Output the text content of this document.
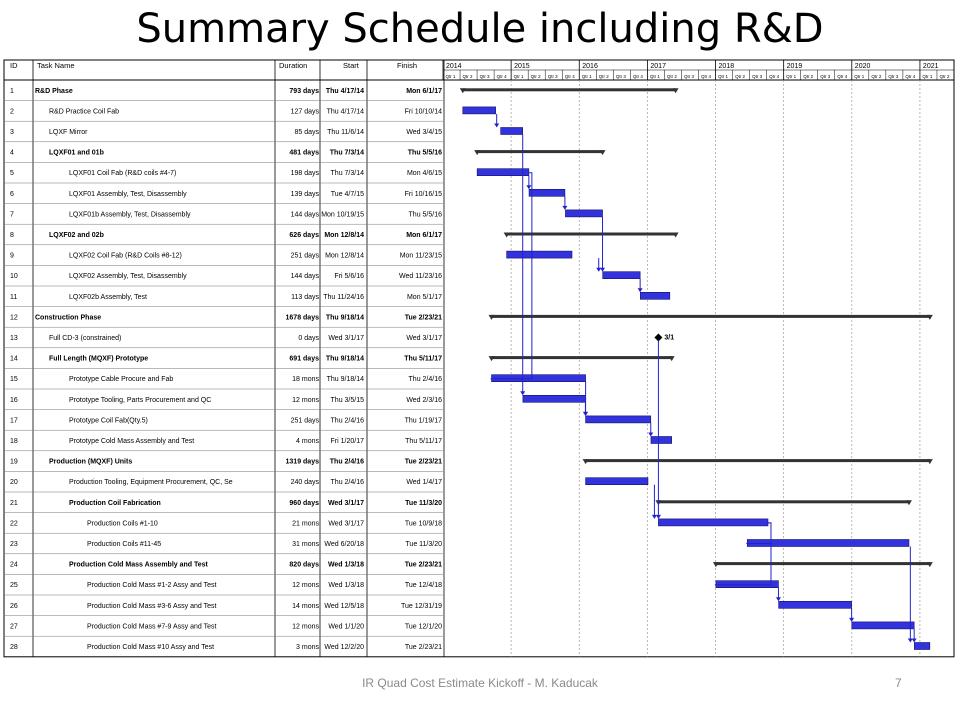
Summary Schedule including R&D
ID	Task Name	Duration	Start	Finish	2014
Qtr 1 Qtr 2 Qtr 3 Qtr 4
2015
Qtr 1 Qtr 2 Qtr 3 Qtr 4
2016
Qtr 1 Qtr 2 Qtr 3 Qtr 4
2017
Qtr 1 Qtr 2 Qtr 3 Qtr 4
2018
Qtr 1 Qtr 2 Qtr 3 Qtr 4
2019
Qtr 1 Qtr 2 Qtr 3 Qtr 4
2020
Qtr 1 Qtr 2 Qtr 3 Qtr 4
2021
Qtr 1 Qtr 2
1	R&D Phase	793 days Thu 4/17/14	Mon 6/1/17
2	R&D Practice Coil Fab	127 days Thu 4/17/14	Fri 10/10/14
3	LQXF Mirror	85 days Thu 11/6/14	Wed 3/4/15
4	LQXF01 and 01b	481 days Thu 7/3/14	Thu 5/5/16
5	LQXF01 Coil Fab (R&D coils #4-7)	198 days Thu 7/3/14	Mon 4/6/15
6	LQXF01 Assembly, Test, Disassembly	139 days Tue 4/7/15	Fri 10/16/15
7	LQXF01b Assembly, Test, Disassembly	144 days Mon 10/19/15	Thu 5/5/16
8	LQXF02 and 02b	626 days Mon 12/8/14	Mon 6/1/17
9	LQXF02 Coil Fab (R&D Coils #8-12)	251 days Mon 12/8/14	Mon 11/23/15
10	LQXF02 Assembly, Test, Disassembly	144 days Fri 5/6/16	Wed 11/23/16
11	LQXF02b Assembly, Test	113 days Thu 11/24/16	Mon 5/1/17
12 Construction Phase	1678 days Thu 9/18/14	Tue 2/23/21
13	Full CD-3 (constrained)	0 days Wed 3/1/17	Wed 3/1/17	3/1
14	Full Length (MQXF) Prototype	691 days Thu 9/18/14	Thu 5/11/17
15	Prototype Cable Procure and Fab	18 mons Thu 9/18/14	Thu 2/4/16
16	Prototype Tooling, Parts Procurement and QC	12 mons Thu 3/5/15	Wed 2/3/16
17	Prototype Coil Fab(Qty.5)	251 days Thu 2/4/16	Thu 1/19/17
18	Prototype Cold Mass Assembly and Test	4 mons Fri 1/20/17	Thu 5/11/17
19	Production (MQXF) Units	1319 days Thu 2/4/16	Tue 2/23/21
20	Production Tooling, Equipment Procurement, QC, Se	240 days Thu 2/4/16	Wed 1/4/17
21	Production Coil Fabrication	960 days Wed 3/1/17	Tue 11/3/20
22	Production Coils #1-10	21 mons Wed 3/1/17	Tue 10/9/18
23	Production Coils #11-45	31 mons Wed 6/20/18	Tue 11/3/20
24	Production Cold Mass Assembly and Test	820 days Wed 1/3/18	Tue 2/23/21
25	Production Cold Mass #1-2 Assy and Test	12 mons Wed 1/3/18	Tue 12/4/18
26	Production Cold Mass #3-6 Assy and Test	14 mons Wed 12/5/18	Tue 12/31/19
27	Production Cold Mass #7-9 Assy and Test	12 mons Wed 1/1/20	Tue 12/1/20
28	Production Cold Mass #10 Assy and Test	3 mons Wed 12/2/20	Tue 2/23/21
IR Quad Cost Estimate Kickoff - M. Kaducak	7
